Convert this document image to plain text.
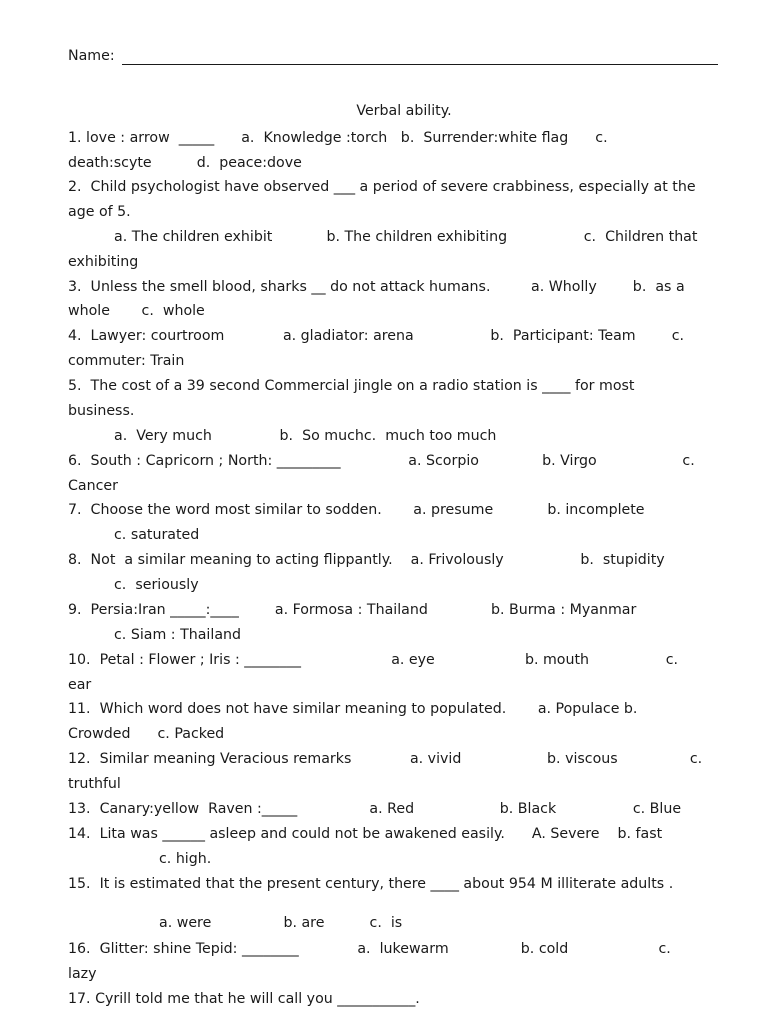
Name:
Verbal ability.
1. love : arrow  _____      a.  Knowledge :torch   b.  Surrender:white flag      c.
death:scyte          d.  peace:dove
2.  Child psychologist have observed ___ a period of severe crabbiness, especially at the
age of 5.
a. The children exhibit            b. The children exhibiting                 c.  Children that
exhibiting
3.  Unless the smell blood, sharks __ do not attack humans.         a. Wholly        b.  as a
whole       c.  whole
4.  Lawyer: courtroom             a. gladiator: arena                 b.  Participant: Team        c.
commuter: Train
5.  The cost of a 39 second Commercial jingle on a radio station is ____ for most
business.
a.  Very much               b.  So muchc.  much too much
6.  South : Capricorn ; North: _________               a. Scorpio              b. Virgo                   c.
Cancer
7.  Choose the word most similar to sodden.       a. presume            b. incomplete
c. saturated
8.  Not  a similar meaning to acting flippantly.    a. Frivolously                 b.  stupidity
c.  seriously
9.  Persia:Iran _____:____        a. Formosa : Thailand              b. Burma : Myanmar
c. Siam : Thailand
10.  Petal : Flower ; Iris : ________                    a. eye                    b. mouth                 c.
ear
11.  Which word does not have similar meaning to populated.       a. Populace b.
Crowded      c. Packed
12.  Similar meaning Veracious remarks             a. vivid                   b. viscous                c.
truthful
13.  Canary:yellow  Raven :_____                a. Red                   b. Black                 c. Blue
14.  Lita was ______ asleep and could not be awakened easily.      A. Severe    b. fast
c. high.
15.  It is estimated that the present century, there ____ about 954 M illiterate adults .
a. were                b. are          c.  is
16.  Glitter: shine Tepid: ________             a.  lukewarm                b. cold                    c.
lazy
17. Cyrill told me that he will call you ___________.
